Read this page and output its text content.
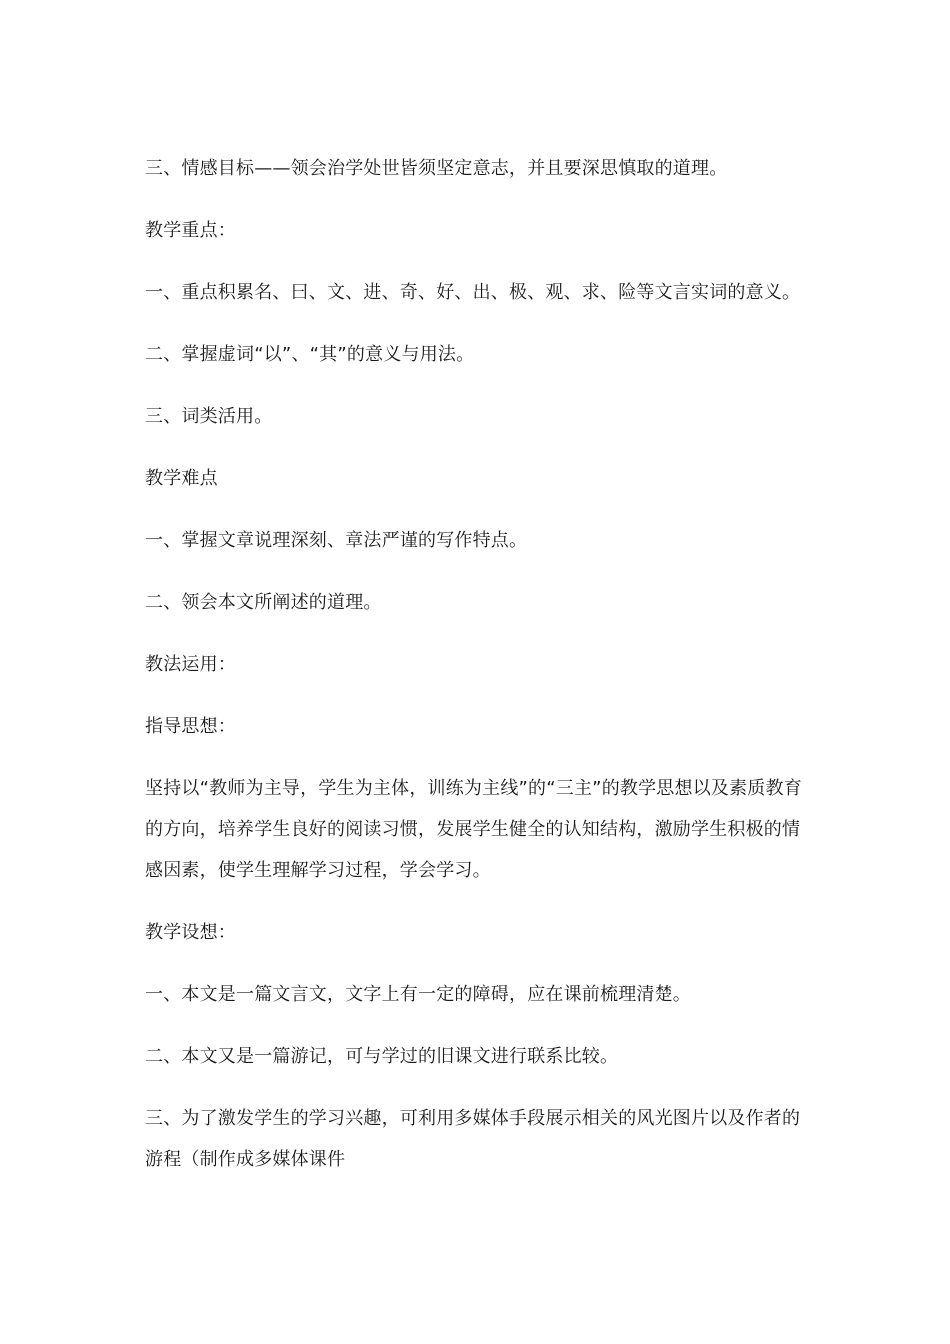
三、情感目标——领会治学处世皆须坚定意志，并且要深思慎取的道理。

教学重点：

一、重点积累名、曰、文、进、奇、好、出、极、观、求、险等文言实词的意义。

二、掌握虚词“以”、“其”的意义与用法。

三、词类活用。

教学难点

一、掌握文章说理深刻、章法严谨的写作特点。

二、领会本文所阐述的道理。

教法运用：

指导思想：

坚持以“教师为主导，学生为主体，训练为主线”的“三主”的教学思想以及素质教育的方向，培养学生良好的阅读习惯，发展学生健全的认知结构，激励学生积极的情感因素，使学生理解学习过程，学会学习。

教学设想：

一、本文是一篇文言文，文字上有一定的障碍，应在课前梳理清楚。

二、本文又是一篇游记，可与学过的旧课文进行联系比较。

三、为了激发学生的学习兴趣，可利用多媒体手段展示相关的风光图片以及作者的游程（制作成多媒体课件
